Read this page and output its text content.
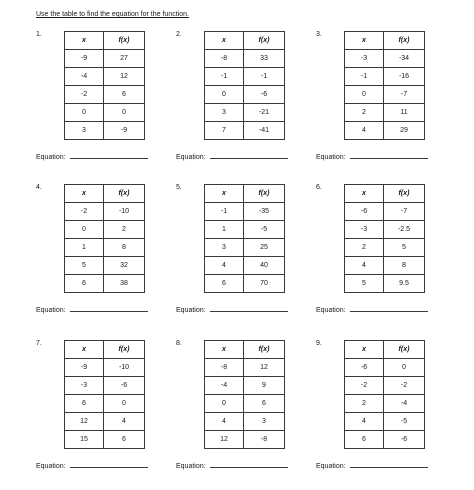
Use the table to find the equation for the function.
1.
x	f(x)
-9	27
-4	12
-2	6
0	0
3	-9
Equation:
2.
x	f(x)
-8	33
-1	-1
0	-6
3	-21
7	-41
Equation:
3.
x	f(x)
-3	-34
-1	-16
0	-7
2	11
4	29
Equation:
4.
x	f(x)
-2	-10
0	2
1	8
5	32
6	38
Equation:
5.
x	f(x)
-1	-35
1	-5
3	25
4	40
6	70
Equation:
6.
x	f(x)
-6	-7
-3	-2.5
2	5
4	8
5	9.5
Equation:
7.
x	f(x)
-9	-10
-3	-6
6	0
12	4
15	6
Equation:
8.
x	f(x)
-8	12
-4	9
0	6
4	3
12	-8
Equation:
9.
x	f(x)
-6	0
-2	-2
2	-4
4	-5
6	-6
Equation:
